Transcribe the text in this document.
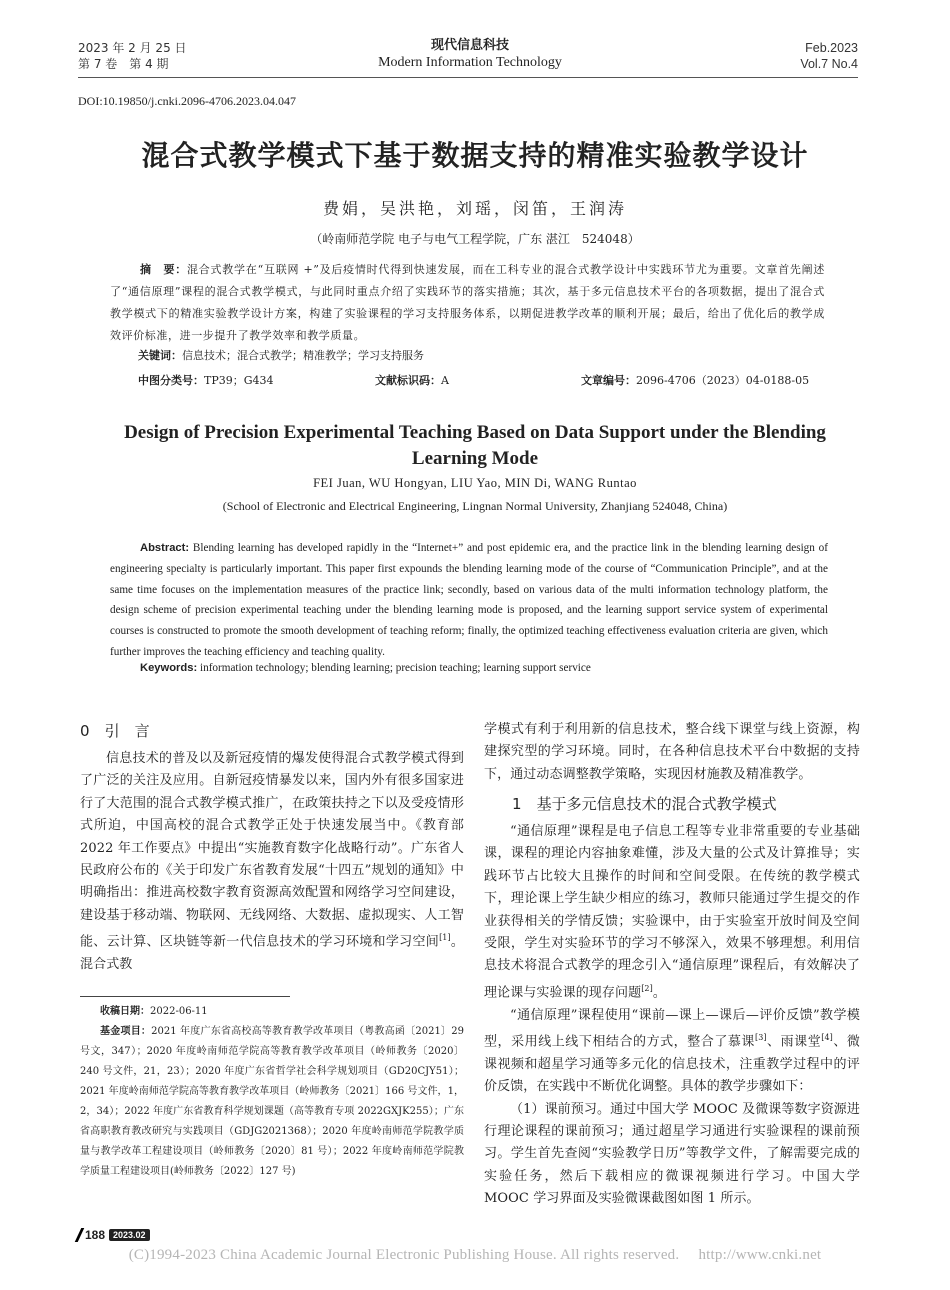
2023 年 2 月 25 日
第 7 卷　第 4 期
现代信息科技
Modern Information Technology
Feb.2023
Vol.7 No.4
DOI:10.19850/j.cnki.2096-4706.2023.04.047
混合式教学模式下基于数据支持的精准实验教学设计
费娟，吴洪艳，刘瑶，闵笛，王润涛
（岭南师范学院 电子与电气工程学院，广东 湛江　524048）
摘　要：混合式教学在“互联网 +”及后疫情时代得到快速发展，而在工科专业的混合式教学设计中实践环节尤为重要。文章首先阐述了“通信原理”课程的混合式教学模式，与此同时重点介绍了实践环节的落实措施；其次，基于多元信息技术平台的各项数据，提出了混合式教学模式下的精准实验教学设计方案，构建了实验课程的学习支持服务体系，以期促进教学改革的顺利开展；最后，给出了优化后的教学成效评价标准，进一步提升了教学效率和教学质量。
关键词：信息技术；混合式教学；精准教学；学习支持服务
中图分类号：TP39；G434	文献标识码：A	文章编号：2096-4706（2023）04-0188-05
Design of Precision Experimental Teaching Based on Data Support under the Blending Learning Mode
FEI Juan, WU Hongyan, LIU Yao, MIN Di, WANG Runtao
(School of Electronic and Electrical Engineering, Lingnan Normal University, Zhanjiang 524048, China)
Abstract: Blending learning has developed rapidly in the “Internet+” and post epidemic era, and the practice link in the blending learning design of engineering specialty is particularly important. This paper first expounds the blending learning mode of the course of “Communication Principle”, and at the same time focuses on the implementation measures of the practice link; secondly, based on various data of the multi information technology platform, the design scheme of precision experimental teaching under the blending learning mode is proposed, and the learning support service system of experimental courses is constructed to promote the smooth development of teaching reform; finally, the optimized teaching effectiveness evaluation criteria are given, which further improves the teaching efficiency and teaching quality.
Keywords: information technology; blending learning; precision teaching; learning support service
0　 引　言

信息技术的普及以及新冠疫情的爆发使得混合式教学模式得到了广泛的关注及应用。自新冠疫情暴发以来，国内外有很多国家进行了大范围的混合式教学模式推广，在政策扶持之下以及受疫情形式所迫，中国高校的混合式教学正处于快速发展当中。《教育部 2022 年工作要点》中提出“实施教育数字化战略行动”。广东省人民政府公布的《关于印发广东省教育发展“十四五”规划的通知》中明确指出：推进高校数字教育资源高效配置和网络学习空间建设，建设基于移动端、物联网、无线网络、大数据、虚拟现实、人工智能、云计算、区块链等新一代信息技术的学习环境和学习空间[1]。混合式教

收稿日期：2022-06-11

基金项目：2021 年度广东省高校高等教育教学改革项目（粤教高函〔2021〕29 号文，347）；2020 年度岭南师范学院高等教育教学改革项目（岭师教务〔2020〕240 号文件，21，23）；2020 年度广东省哲学社会科学规划项目（GD20CJY51）；2021 年度岭南师范学院高等教育教学改革项目（岭师教务〔2021〕166 号文件，1，2，34）；2022 年度广东省教育科学规划课题（高等教育专项 2022GXJK255）；广东省高职教育教改研究与实践项目（GDJG2021368）；2020 年度岭南师范学院教学质量与教学改革工程建设项目（岭师教务〔2020〕81 号）；2022 年度岭南师范学院教学质量工程建设项目(岭师教务〔2022〕127 号)

学模式有利于利用新的信息技术，整合线下课堂与线上资源，构建探究型的学习环境。同时，在各种信息技术平台中数据的支持下，通过动态调整教学策略，实现因材施教及精准教学。
1　 基于多元信息技术的混合式教学模式

“通信原理”课程是电子信息工程等专业非常重要的专业基础课，课程的理论内容抽象难懂，涉及大量的公式及计算推导；实践环节占比较大且操作的时间和空间受限。在传统的教学模式下，理论课上学生缺少相应的练习，教师只能通过学生提交的作业获得相关的学情反馈；实验课中，由于实验室开放时间及空间受限，学生对实验环节的学习不够深入，效果不够理想。利用信息技术将混合式教学的理念引入“通信原理”课程后，有效解决了理论课与实验课的现存问题[2]。

“通信原理”课程使用“课前—课上—课后—评价反馈”教学模型，采用线上线下相结合的方式，整合了慕课[3]、雨课堂[4]、微课视频和超星学习通等多元化的信息技术，注重教学过程中的评价反馈，在实践中不断优化调整。具体的教学步骤如下：

（1）课前预习。通过中国大学 MOOC 及微课等数字资源进行理论课程的课前预习；通过超星学习通进行实验课程的课前预习。学生首先查阅“实验教学日历”等教学文件，了解需要完成的实验任务，然后下载相应的微课视频进行学习。中国大学 MOOC 学习界面及实验微课截图如图 1 所示。

188 2023.02
(C)1994-2023 China Academic Journal Electronic Publishing House. All rights reserved.　 http://www.cnki.net
